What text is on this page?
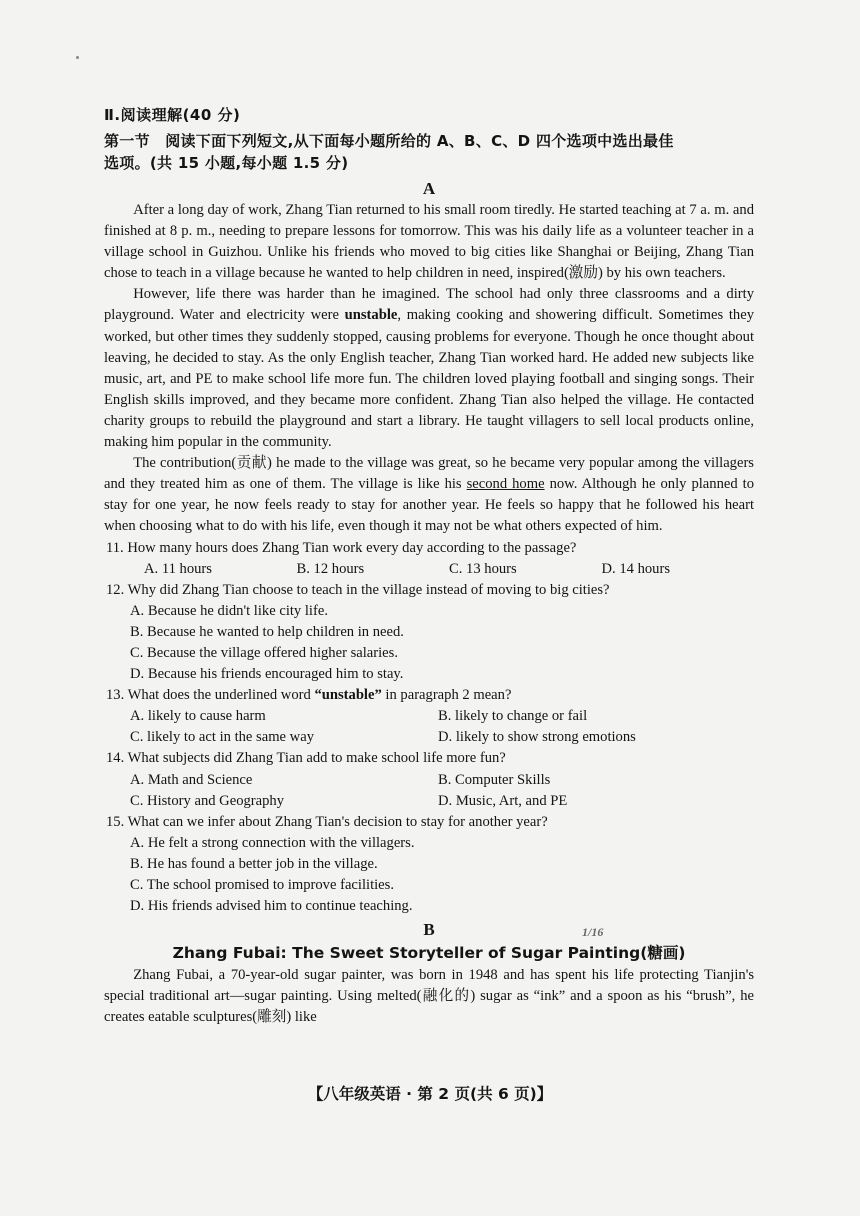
Ⅱ.阅读理解(40 分)
第一节　阅读下面下列短文,从下面每小题所给的 A、B、C、D 四个选项中选出最佳
选项。(共 15 小题,每小题 1.5 分)
A

After a long day of work, Zhang Tian returned to his small room tiredly. He started teaching at 7 a. m. and finished at 8 p. m., needing to prepare lessons for tomorrow. This was his daily life as a volunteer teacher in a village school in Guizhou. Unlike his friends who moved to big cities like Shanghai or Beijing, Zhang Tian chose to teach in a village because he wanted to help children in need, inspired(激励) by his own teachers.

However, life there was harder than he imagined. The school had only three classrooms and a dirty playground. Water and electricity were unstable, making cooking and showering difficult. Sometimes they worked, but other times they suddenly stopped, causing problems for everyone. Though he once thought about leaving, he decided to stay. As the only English teacher, Zhang Tian worked hard. He added new subjects like music, art, and PE to make school life more fun. The children loved playing football and singing songs. Their English skills improved, and they became more confident. Zhang Tian also helped the village. He contacted charity groups to rebuild the playground and start a library. He taught villagers to sell local products online, making him popular in the community.

The contribution(贡献) he made to the village was great, so he became very popular among the villagers and they treated him as one of them. The village is like his second home now. Although he only planned to stay for one year, he now feels ready to stay for another year. He feels so happy that he followed his heart when choosing what to do with his life, even though it may not be what others expected of him.

11. How many hours does Zhang Tian work every day according to the passage?
A. 11 hours	B. 12 hours	C. 13 hours	D. 14 hours
12. Why did Zhang Tian choose to teach in the village instead of moving to big cities?
A. Because he didn't like city life.
B. Because he wanted to help children in need.
C. Because the village offered higher salaries.
D. Because his friends encouraged him to stay.
13. What does the underlined word “unstable” in paragraph 2 mean?
A. likely to cause harm	B. likely to change or fail
C. likely to act in the same way	D. likely to show strong emotions
14. What subjects did Zhang Tian add to make school life more fun?
A. Math and Science	B. Computer Skills
C. History and Geography	D. Music, Art, and PE
15. What can we infer about Zhang Tian's decision to stay for another year?
A. He felt a strong connection with the villagers.
B. He has found a better job in the village.
C. The school promised to improve facilities.
D. His friends advised him to continue teaching.
B	1/16
Zhang Fubai: The Sweet Storyteller of Sugar Painting(糖画)

Zhang Fubai, a 70-year-old sugar painter, was born in 1948 and has spent his life protecting Tianjin's special traditional art—sugar painting. Using melted(融化的) sugar as “ink” and a spoon as his “brush”, he creates eatable sculptures(雕刻) like

【八年级英语 · 第 2 页(共 6 页)】
